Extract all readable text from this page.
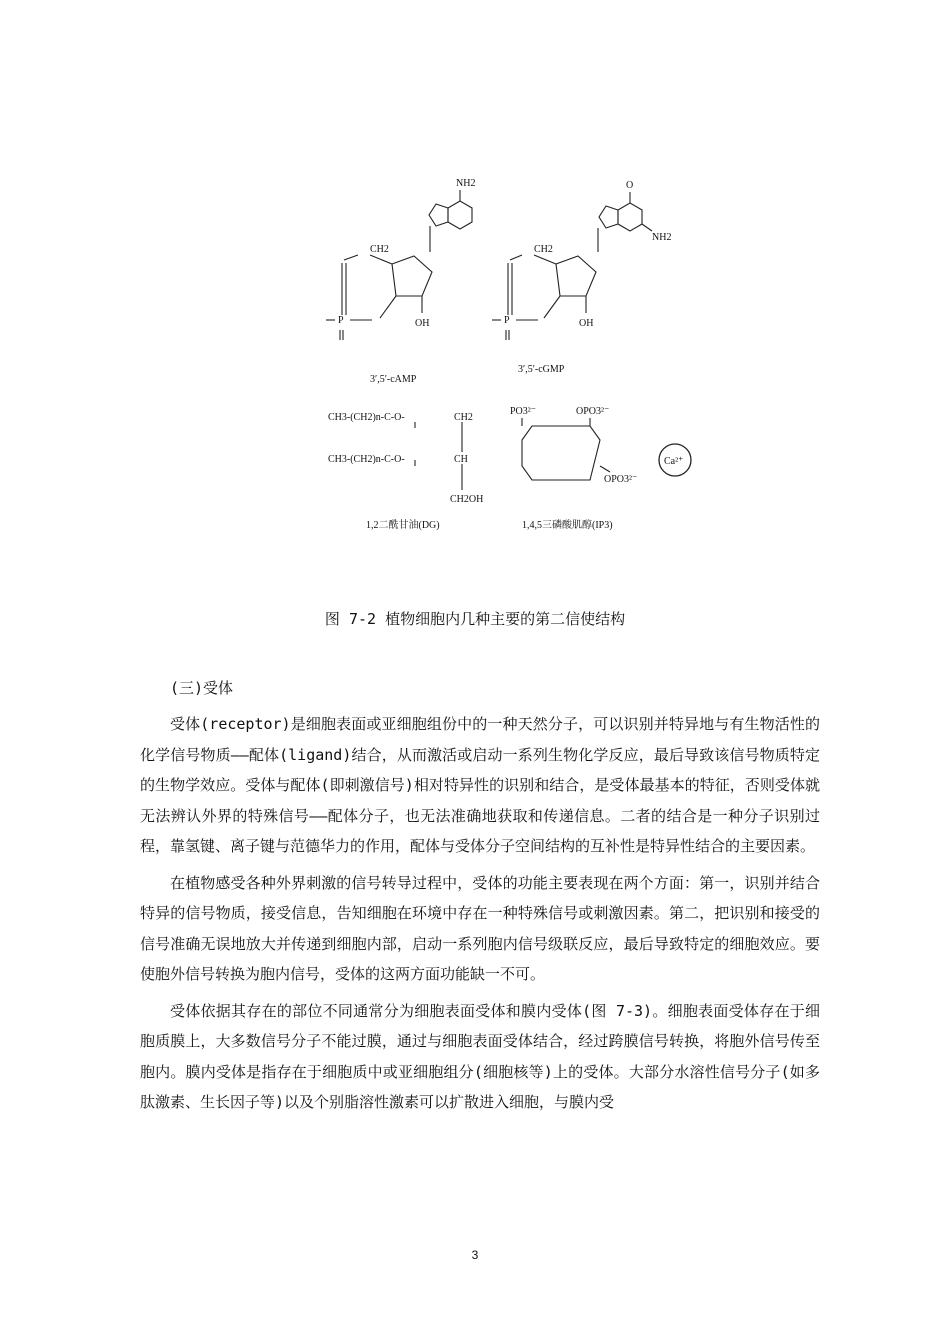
NH2
CH2
P	OH
3′,5′-cAMP
O
NH2
CH2
P	OH
3′,5′-cGMP
CH3-(CH2)n-C-O-	CH2
CH3-(CH2)n-C-O-	CH
CH2OH
1,2二酰甘油(DG)
PO3²⁻	OPO3²⁻
OPO3²⁻
1,4,5三磷酸肌醇(IP3)
Ca²⁺
图 7-2 植物细胞内几种主要的第二信使结构
(三)受体

受体(receptor)是细胞表面或亚细胞组份中的一种天然分子，可以识别并特异地与有生物活性的化学信号物质——配体(ligand)结合，从而激活或启动一系列生物化学反应，最后导致该信号物质特定的生物学效应。受体与配体(即刺激信号)相对特异性的识别和结合，是受体最基本的特征，否则受体就无法辨认外界的特殊信号——配体分子，也无法准确地获取和传递信息。二者的结合是一种分子识别过程，靠氢键、离子键与范德华力的作用，配体与受体分子空间结构的互补性是特异性结合的主要因素。

在植物感受各种外界刺激的信号转导过程中，受体的功能主要表现在两个方面：第一，识别并结合特异的信号物质，接受信息，告知细胞在环境中存在一种特殊信号或刺激因素。第二，把识别和接受的信号准确无误地放大并传递到细胞内部，启动一系列胞内信号级联反应，最后导致特定的细胞效应。要使胞外信号转换为胞内信号，受体的这两方面功能缺一不可。

受体依据其存在的部位不同通常分为细胞表面受体和膜内受体(图 7-3)。细胞表面受体存在于细胞质膜上，大多数信号分子不能过膜，通过与细胞表面受体结合，经过跨膜信号转换，将胞外信号传至胞内。膜内受体是指存在于细胞质中或亚细胞组分(细胞核等)上的受体。大部分水溶性信号分子(如多肽激素、生长因子等)以及个别脂溶性激素可以扩散进入细胞，与膜内受

3
